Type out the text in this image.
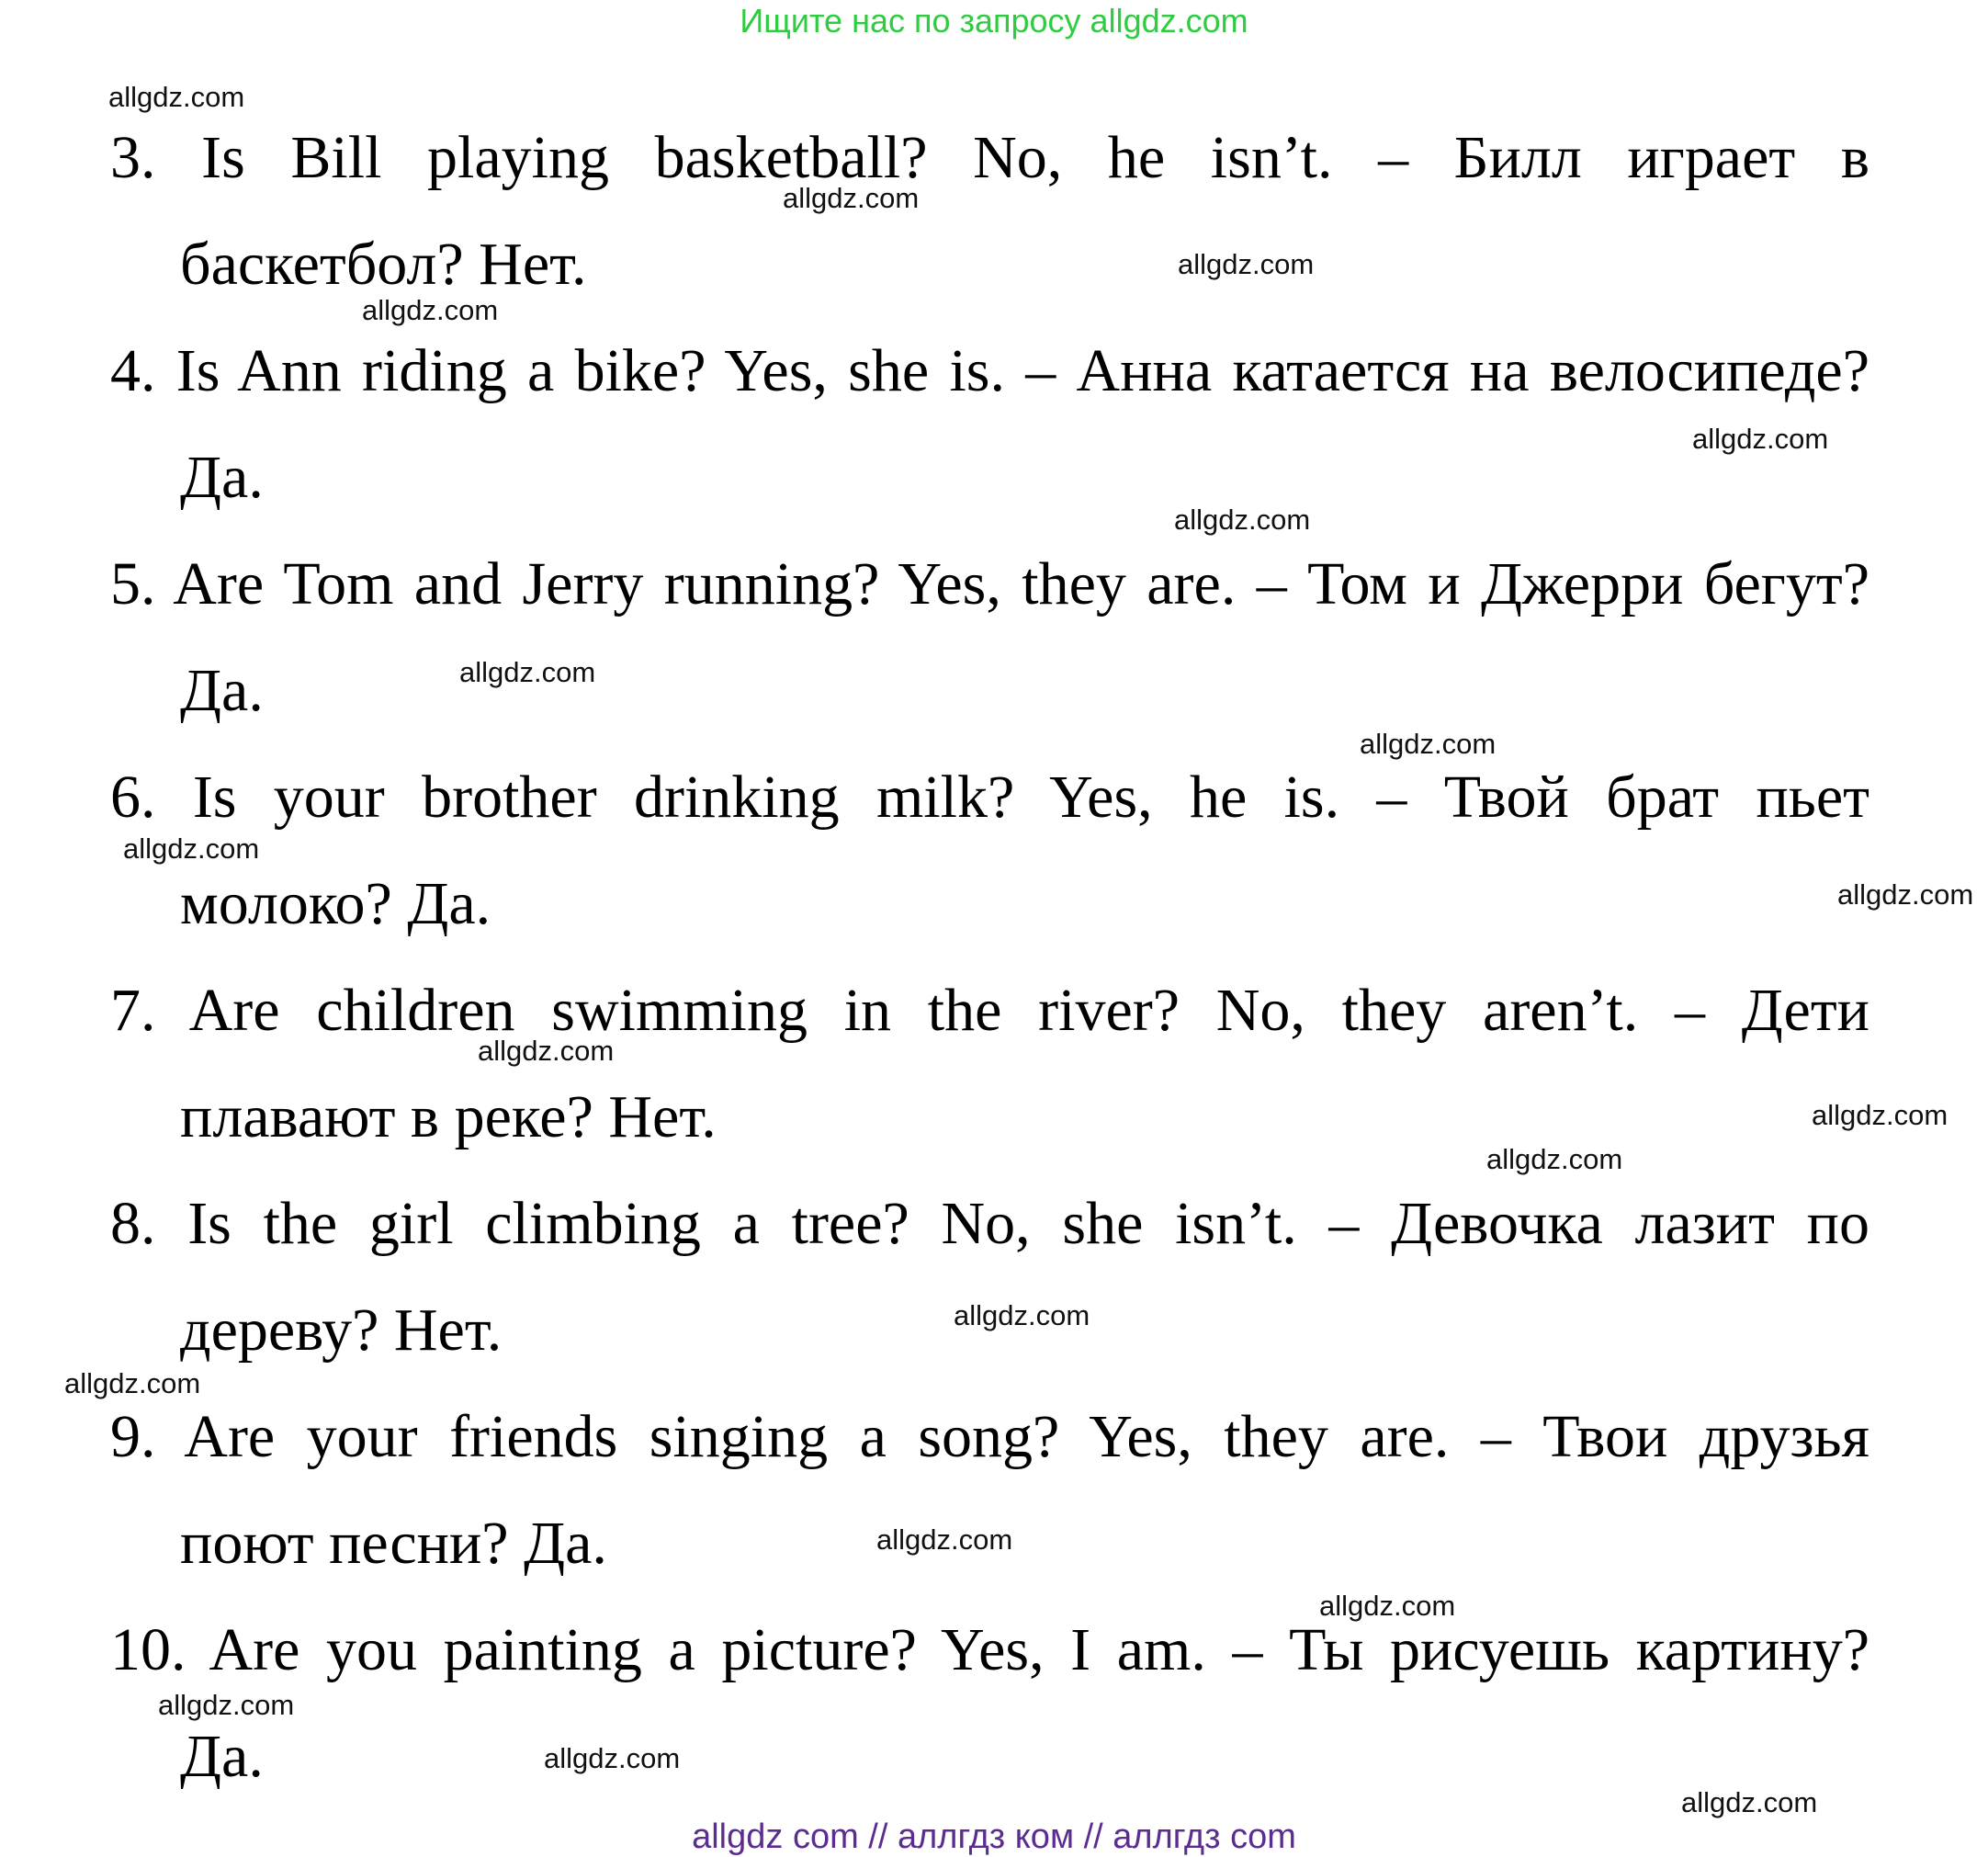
Ищите нас по запросу allgdz.com
3. Is Bill playing basketball? No, he isn’t. – Билл играет в
баскетбол? Нет.
4. Is Ann riding a bike? Yes, she is. – Анна катается на велосипеде?
Да.
5. Are Tom and Jerry running? Yes, they are. – Том и Джерри бегут?
Да.
6. Is your brother drinking milk? Yes, he is. – Твой брат пьет
молоко? Да.
7. Are children swimming in the river? No, they aren’t. – Дети
плавают в реке? Нет.
8. Is the girl climbing a tree? No, she isn’t. – Девочка лазит по
дереву? Нет.
9. Are your friends singing a song? Yes, they are. – Твои друзья
поют песни? Да.
10. Are you painting a picture? Yes, I am. – Ты рисуешь картину?
Да.
allgdz.com
allgdz.com
allgdz.com
allgdz.com
allgdz.com
allgdz.com
allgdz.com
allgdz.com
allgdz.com
allgdz.com
allgdz.com
allgdz.com
allgdz.com
allgdz.com
allgdz.com
allgdz.com
allgdz.com
allgdz.com
allgdz.com
allgdz.com
allgdz com // аллгдз ком // аллгдз com
